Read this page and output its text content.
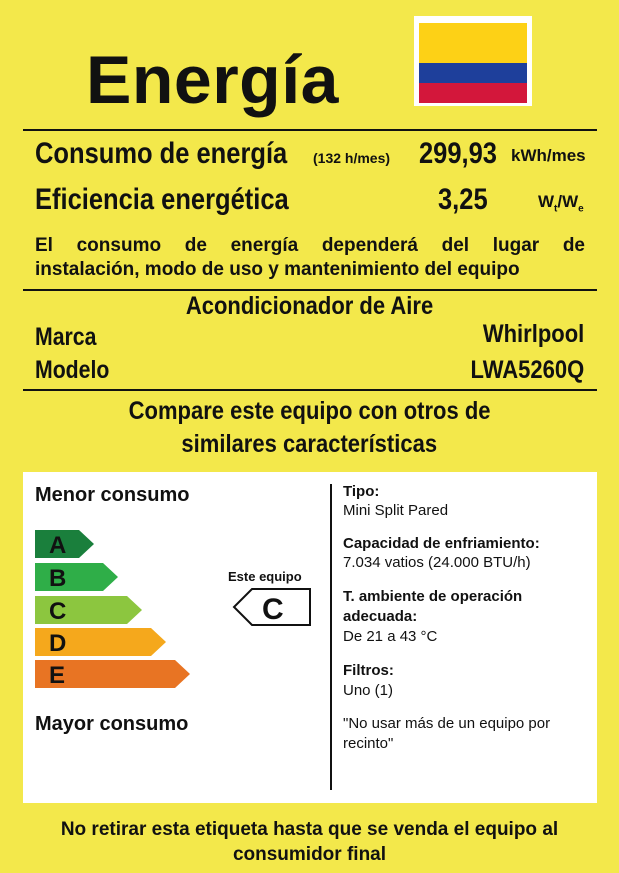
Energía
Consumo de energía (132 h/mes) 299,93 kWh/mes
Eficiencia energética	3,25	$W_t/W_e$
El consumo de energía dependerá del lugar de
instalación, modo de uso y mantenimiento del equipo
Acondicionador de Aire
Marca	Whirlpool
Modelo	LWA5260Q
Compare este equipo con otros de
similares características
Menor consumo
A
B
C
D
E
Mayor consumo
Este equipo
C
Tipo:
Mini Split Pared
Capacidad de enfriamiento:
7.034 vatios (24.000 BTU/h)
T. ambiente de operación
adecuada:
De 21 a 43 °C
Filtros:
Uno (1)
"No usar más de un equipo por
recinto"
No retirar esta etiqueta hasta que se venda el equipo al
consumidor final
